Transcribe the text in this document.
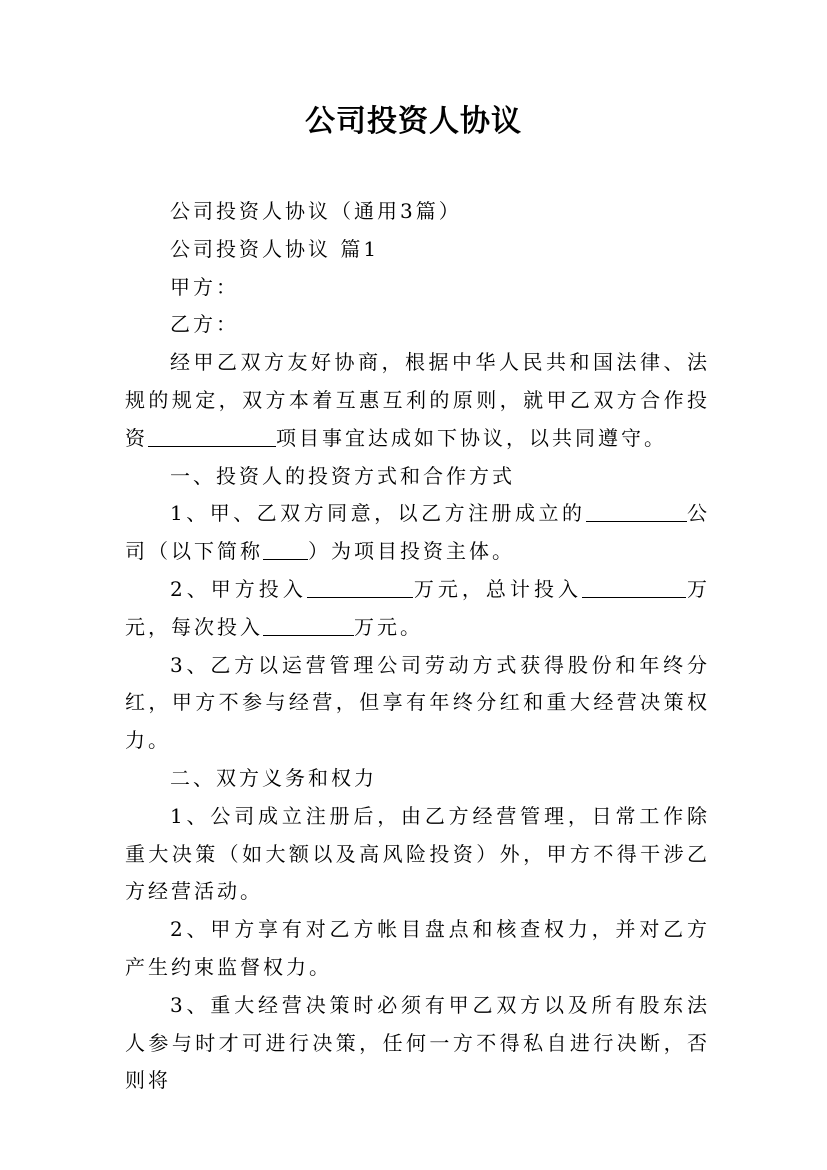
公司投资人协议

公司投资人协议（通用3篇）

公司投资人协议 篇1

甲方：

乙方：

经甲乙双方友好协商，根据中华人民共和国法律、法规的规定，双方本着互惠互利的原则，就甲乙双方合作投资	项目事宜达成如下协议，以共同遵守。

一、投资人的投资方式和合作方式

1、甲、乙双方同意，以乙方注册成立的	公司（以下简称 ）为项目投资主体。

2、甲方投入	万元，总计投入	万元，每次投入	万元。

3、乙方以运营管理公司劳动方式获得股份和年终分红，甲方不参与经营，但享有年终分红和重大经营决策权力。

二、双方义务和权力

1、公司成立注册后，由乙方经营管理，日常工作除重大决策（如大额以及高风险投资）外，甲方不得干涉乙方经营活动。

2、甲方享有对乙方帐目盘点和核查权力，并对乙方产生约束监督权力。

3、重大经营决策时必须有甲乙双方以及所有股东法人参与时才可进行决策，任何一方不得私自进行决断，否则将
